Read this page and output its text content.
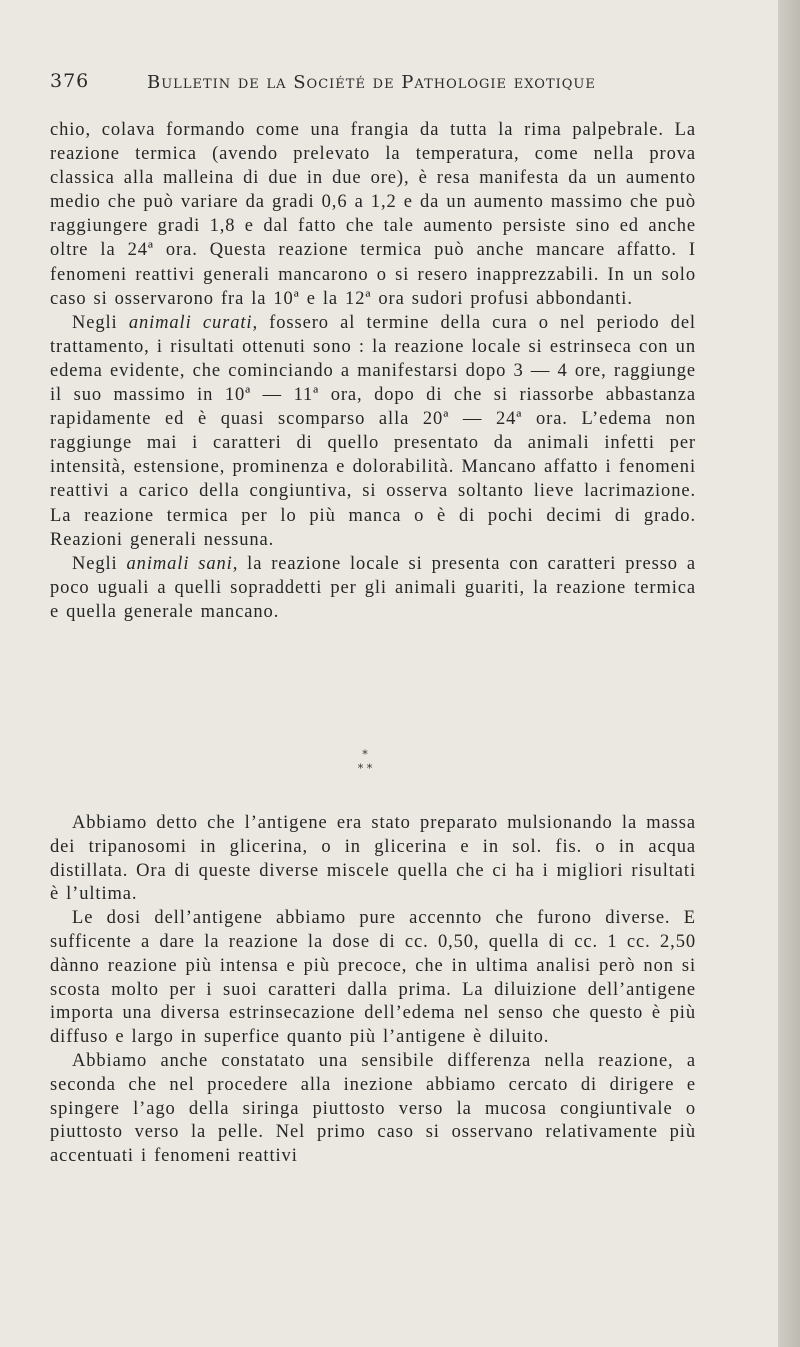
376	Bulletin de la Société de Pathologie exotique

chio, colava formando come una frangia da tutta la rima palpebrale. La reazione termica (avendo prelevato la temperatura, come nella prova classica alla malleina di due in due ore), è resa manifesta da un aumento medio che può variare da gradi 0,6 a 1,2 e da un aumento massimo che può raggiungere gradi 1,8 e dal fatto che tale aumento persiste sino ed anche oltre la 24ª ora. Questa reazione termica può anche mancare affatto. I fenomeni reattivi generali mancarono o si resero inapprezzabili. In un solo caso si osservarono fra la 10ª e la 12ª ora sudori profusi abbondanti.

Negli animali curati, fossero al termine della cura o nel periodo del trattamento, i risultati ottenuti sono : la reazione locale si estrinseca con un edema evidente, che cominciando a manifestarsi dopo 3 — 4 ore, raggiunge il suo massimo in 10ª — 11ª ora, dopo di che si riassorbe abbastanza rapidamente ed è quasi scomparso alla 20ª — 24ª ora. L’edema non raggiunge mai i caratteri di quello presentato da animali infetti per intensità, estensione, prominenza e dolorabilità. Mancano affatto i fenomeni reattivi a carico della congiuntiva, si osserva soltanto lieve lacrimazione. La reazione termica per lo più manca o è di pochi decimi di grado. Reazioni generali nessuna.

Negli animali sani, la reazione locale si presenta con caratteri presso a poco uguali a quelli sopraddetti per gli animali guariti, la reazione termica e quella generale mancano.

*
* *

Abbiamo detto che l’antigene era stato preparato mulsionando la massa dei tripanosomi in glicerina, o in glicerina e in sol. fis. o in acqua distillata. Ora di queste diverse miscele quella che ci ha i migliori risultati è l’ultima.

Le dosi dell’antigene abbiamo pure accennto che furono diverse. E sufficente a dare la reazione la dose di cc. 0,50, quella di cc. 1 cc. 2,50 dànno reazione più intensa e più precoce, che in ultima analisi però non si scosta molto per i suoi caratteri dalla prima. La diluizione dell’antigene importa una diversa estrinsecazione dell’edema nel senso che questo è più diffuso e largo in superfice quanto più l’antigene è diluito.

Abbiamo anche constatato una sensibile differenza nella reazione, a seconda che nel procedere alla inezione abbiamo cercato di dirigere e spingere l’ago della siringa piuttosto verso la mucosa congiuntivale o piuttosto verso la pelle. Nel primo caso si osservano relativamente più accentuati i fenomeni reattivi
